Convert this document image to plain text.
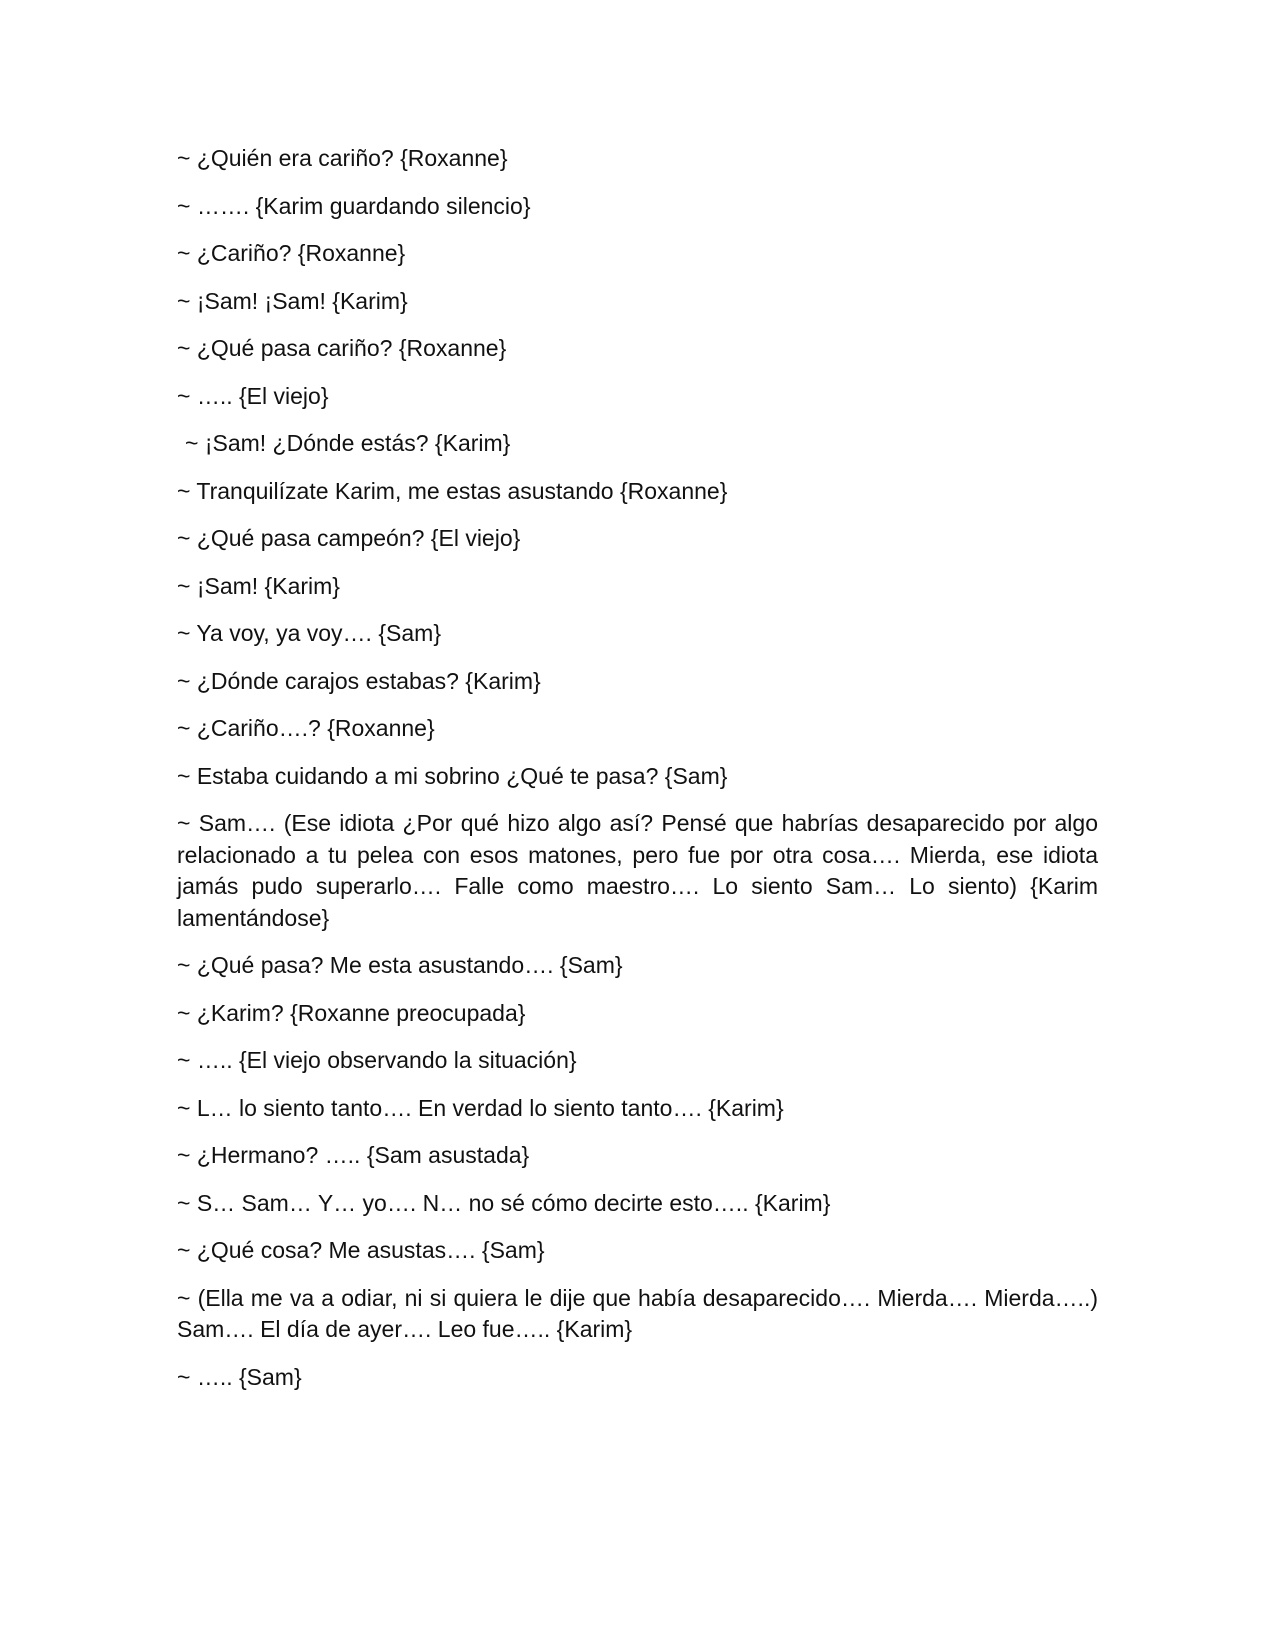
~ ¿Quién era cariño? {Roxanne}

~ ……. {Karim guardando silencio}

~ ¿Cariño? {Roxanne}

~ ¡Sam! ¡Sam! {Karim}

~ ¿Qué pasa cariño? {Roxanne}

~ ….. {El viejo}

~ ¡Sam! ¿Dónde estás? {Karim}

~ Tranquilízate Karim, me estas asustando {Roxanne}

~ ¿Qué pasa campeón? {El viejo}

~ ¡Sam! {Karim}

~ Ya voy, ya voy…. {Sam}

~ ¿Dónde carajos estabas? {Karim}

~ ¿Cariño….? {Roxanne}

~ Estaba cuidando a mi sobrino ¿Qué te pasa? {Sam}

~ Sam…. (Ese idiota ¿Por qué hizo algo así? Pensé que habrías desaparecido por algo relacionado a tu pelea con esos matones, pero fue por otra cosa…. Mierda, ese idiota jamás pudo superarlo…. Falle como maestro…. Lo siento Sam… Lo siento) {Karim lamentándose}

~ ¿Qué pasa? Me esta asustando…. {Sam}

~ ¿Karim? {Roxanne preocupada}

~ ….. {El viejo observando la situación}

~ L… lo siento tanto…. En verdad lo siento tanto…. {Karim}

~ ¿Hermano? ….. {Sam asustada}

~ S… Sam… Y… yo…. N… no sé cómo decirte esto….. {Karim}

~ ¿Qué cosa? Me asustas…. {Sam}

~ (Ella me va a odiar, ni si quiera le dije que había desaparecido…. Mierda…. Mierda…..) Sam…. El día de ayer…. Leo fue….. {Karim}

~ ….. {Sam}
